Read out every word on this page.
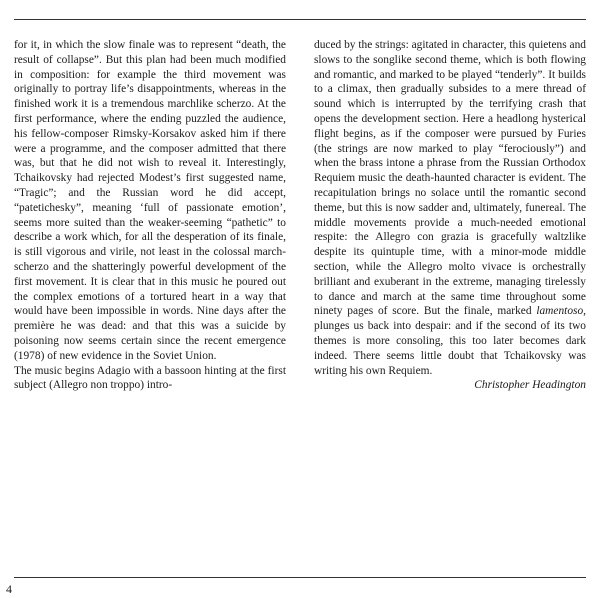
for it, in which the slow finale was to represent “death, the result of collapse”. But this plan had been much modified in composition: for example the third movement was originally to portray life’s disappointments, whereas in the finished work it is a tremendous marchlike scherzo. At the first performance, where the ending puzzled the audience, his fellow-composer Rimsky-Korsakov asked him if there were a programme, and the composer admitted that there was, but that he did not wish to reveal it. Interestingly, Tchaikovsky had rejected Modest’s first suggested name, “Tragic”; and the Russian word he did accept, “pateticheskу”, meaning ‘full of passionate emotion’, seems more suited than the weaker-seeming “pathetic” to describe a work which, for all the desperation of its finale, is still vigorous and virile, not least in the colossal march-scherzo and the shatteringly powerful development of the first movement. It is clear that in this music he poured out the complex emotions of a tortured heart in a way that would have been impossible in words. Nine days after the première he was dead: and that this was a suicide by poisoning now seems certain since the recent emergence (1978) of new evidence in the Soviet Union.

The music begins Adagio with a bassoon hinting at the first subject (Allegro non troppo) intro-

duced by the strings: agitated in character, this quietens and slows to the songlike second theme, which is both flowing and romantic, and marked to be played “tenderly”. It builds to a climax, then gradually subsides to a mere thread of sound which is interrupted by the terrifying crash that opens the development section. Here a headlong hysterical flight begins, as if the composer were pursued by Furies (the strings are now marked to play “ferociously”) and when the brass intone a phrase from the Russian Orthodox Requiem music the death-haunted character is evident. The recapitulation brings no solace until the romantic second theme, but this is now sadder and, ultimately, funereal. The middle movements provide a much-needed emotional respite: the Allegro con grazia is gracefully waltzlike despite its quintuple time, with a minor-mode middle section, while the Allegro molto vivace is orchestrally brilliant and exuberant in the extreme, managing tirelessly to dance and march at the same time throughout some ninety pages of score. But the finale, marked lamentoso, plunges us back into despair: and if the second of its two themes is more consoling, this too later becomes dark indeed. There seems little doubt that Tchaikovsky was writing his own Requiem.

Christopher Headington

4
